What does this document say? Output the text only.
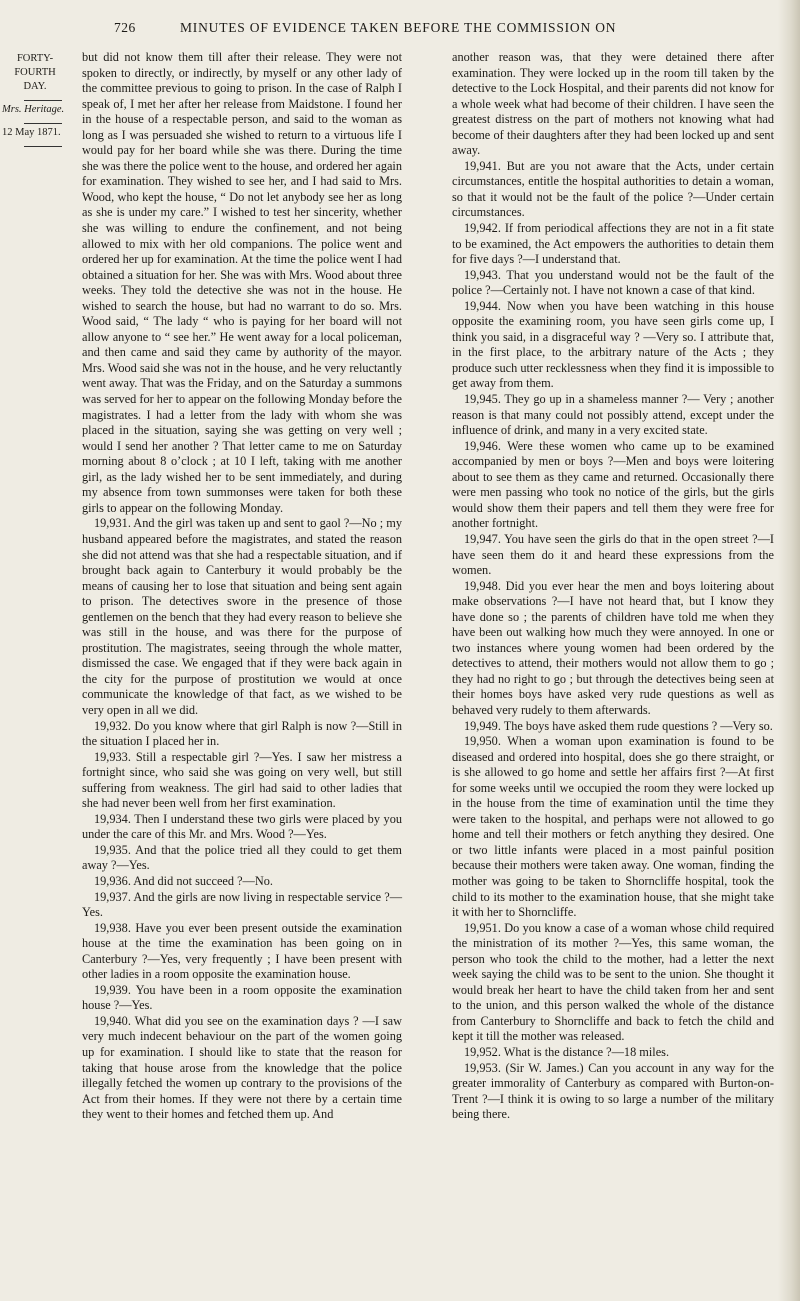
726	MINUTES OF EVIDENCE TAKEN BEFORE THE COMMISSION ON
FORTY-FOURTH DAY.
Mrs. Heritage.
12 May 1871.

but did not know them till after their release. They were not spoken to directly, or indirectly, by myself or any other lady of the committee previous to going to prison. In the case of Ralph I speak of, I met her after her release from Maidstone. I found her in the house of a respectable person, and said to the woman as long as I was persuaded she wished to return to a virtuous life I would pay for her board while she was there. During the time she was there the police went to the house, and ordered her again for examination. They wished to see her, and I had said to Mrs. Wood, who kept the house, “ Do not let anybody see her as long as she is under my care.” I wished to test her sincerity, whether she was willing to endure the confinement, and not being allowed to mix with her old companions. The police went and ordered her up for examination. At the time the police went I had obtained a situation for her. She was with Mrs. Wood about three weeks. They told the detective she was not in the house. He wished to search the house, but had no warrant to do so. Mrs. Wood said, “ The lady “ who is paying for her board will not allow anyone to “ see her.” He went away for a local policeman, and then came and said they came by authority of the mayor. Mrs. Wood said she was not in the house, and he very reluctantly went away. That was the Friday, and on the Saturday a summons was served for her to appear on the following Monday before the magistrates. I had a letter from the lady with whom she was placed in the situation, saying she was getting on very well ; would I send her another ? That letter came to me on Saturday morning about 8 o’clock ; at 10 I left, taking with me another girl, as the lady wished her to be sent immediately, and during my absence from town summonses were taken for both these girls to appear on the following Monday.

19,931. And the girl was taken up and sent to gaol ?—No ; my husband appeared before the magistrates, and stated the reason she did not attend was that she had a respectable situation, and if brought back again to Canterbury it would probably be the means of causing her to lose that situation and being sent again to prison. The detectives swore in the presence of those gentlemen on the bench that they had every reason to believe she was still in the house, and was there for the purpose of prostitution. The magistrates, seeing through the whole matter, dismissed the case. We engaged that if they were back again in the city for the purpose of prostitution we would at once communicate the knowledge of that fact, as we wished to be very open in all we did.

19,932. Do you know where that girl Ralph is now ?—Still in the situation I placed her in.

19,933. Still a respectable girl ?—Yes. I saw her mistress a fortnight since, who said she was going on very well, but still suffering from weakness. The girl had said to other ladies that she had never been well from her first examination.

19,934. Then I understand these two girls were placed by you under the care of this Mr. and Mrs. Wood ?—Yes.

19,935. And that the police tried all they could to get them away ?—Yes.

19,936. And did not succeed ?—No.

19,937. And the girls are now living in respectable service ?—Yes.

19,938. Have you ever been present outside the examination house at the time the examination has been going on in Canterbury ?—Yes, very frequently ; I have been present with other ladies in a room opposite the examination house.

19,939. You have been in a room opposite the examination house ?—Yes.

19,940. What did you see on the examination days ? —I saw very much indecent behaviour on the part of the women going up for examination. I should like to state that the reason for taking that house arose from the knowledge that the police illegally fetched the women up contrary to the provisions of the Act from their homes. If they were not there by a certain time they went to their homes and fetched them up. And

another reason was, that they were detained there after examination. They were locked up in the room till taken by the detective to the Lock Hospital, and their parents did not know for a whole week what had become of their children. I have seen the greatest distress on the part of mothers not knowing what had become of their daughters after they had been locked up and sent away.

19,941. But are you not aware that the Acts, under certain circumstances, entitle the hospital authorities to detain a woman, so that it would not be the fault of the police ?—Under certain circumstances.

19,942. If from periodical affections they are not in a fit state to be examined, the Act empowers the authorities to detain them for five days ?—I understand that.

19,943. That you understand would not be the fault of the police ?—Certainly not. I have not known a case of that kind.

19,944. Now when you have been watching in this house opposite the examining room, you have seen girls come up, I think you said, in a disgraceful way ? —Very so. I attribute that, in the first place, to the arbitrary nature of the Acts ; they produce such utter recklessness when they find it is impossible to get away from them.

19,945. They go up in a shameless manner ?— Very ; another reason is that many could not possibly attend, except under the influence of drink, and many in a very excited state.

19,946. Were these women who came up to be examined accompanied by men or boys ?—Men and boys were loitering about to see them as they came and returned. Occasionally there were men passing who took no notice of the girls, but the girls would show them their papers and tell them they were free for another fortnight.

19,947. You have seen the girls do that in the open street ?—I have seen them do it and heard these expressions from the women.

19,948. Did you ever hear the men and boys loitering about make observations ?—I have not heard that, but I know they have done so ; the parents of children have told me when they have been out walking how much they were annoyed. In one or two instances where young women had been ordered by the detectives to attend, their mothers would not allow them to go ; they had no right to go ; but through the detectives being seen at their homes boys have asked very rude questions as well as behaved very rudely to them afterwards.

19,949. The boys have asked them rude questions ? —Very so.

19,950. When a woman upon examination is found to be diseased and ordered into hospital, does she go there straight, or is she allowed to go home and settle her affairs first ?—At first for some weeks until we occupied the room they were locked up in the house from the time of examination until the time they were taken to the hospital, and perhaps were not allowed to go home and tell their mothers or fetch anything they desired. One or two little infants were placed in a most painful position because their mothers were taken away. One woman, finding the mother was going to be taken to Shorncliffe hospital, took the child to its mother to the examination house, that she might take it with her to Shorncliffe.

19,951. Do you know a case of a woman whose child required the ministration of its mother ?—Yes, this same woman, the person who took the child to the mother, had a letter the next week saying the child was to be sent to the union. She thought it would break her heart to have the child taken from her and sent to the union, and this person walked the whole of the distance from Canterbury to Shorncliffe and back to fetch the child and kept it till the mother was released.

19,952. What is the distance ?—18 miles.

19,953. (Sir W. James.) Can you account in any way for the greater immorality of Canterbury as compared with Burton-on-Trent ?—I think it is owing to so large a number of the military being there.
